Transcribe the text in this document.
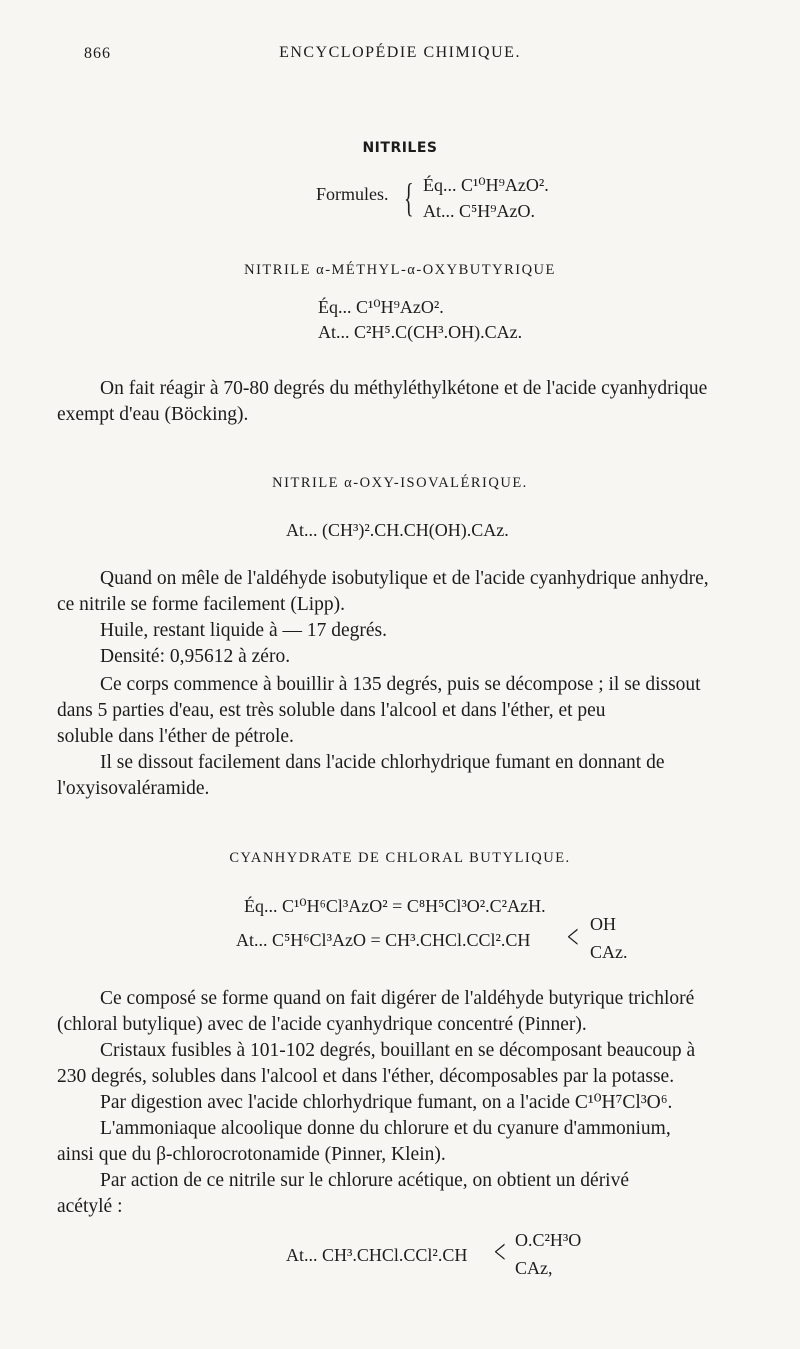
866	ENCYCLOPÉDIE CHIMIQUE.
NITRILES
Formules. { Éq... C¹⁰H⁹AzO².
At... C⁵H⁹AzO.
NITRILE α-MÉTHYL-α-OXYBUTYRIQUE
Éq... C¹⁰H⁹AzO².
At... C²H⁵.C(CH³.OH).CAz.
On fait réagir à 70-80 degrés du méthyléthylkétone et de l'acide cyanhydrique
exempt d'eau (Böcking).
NITRILE α-OXY-ISOVALÉRIQUE.
At... (CH³)².CH.CH(OH).CAz.
Quand on mêle de l'aldéhyde isobutylique et de l'acide cyanhydrique anhydre,
ce nitrile se forme facilement (Lipp).
Huile, restant liquide à — 17 degrés.
Densité: 0,95612 à zéro.
Ce corps commence à bouillir à 135 degrés, puis se décompose ; il se dissout
dans 5 parties d'eau, est très soluble dans l'alcool et dans l'éther, et peu
soluble dans l'éther de pétrole.
Il se dissout facilement dans l'acide chlorhydrique fumant en donnant de
l'oxyisovaléramide.
CYANHYDRATE DE CHLORAL BUTYLIQUE.
Éq... C¹⁰H⁶Cl³AzO² = C⁸H⁵Cl³O².C²AzH.
At... C⁵H⁶Cl³AzO = CH³.CHCl.CCl².CH < OH
CAz.
Ce composé se forme quand on fait digérer de l'aldéhyde butyrique trichloré
(chloral butylique) avec de l'acide cyanhydrique concentré (Pinner).
Cristaux fusibles à 101-102 degrés, bouillant en se décomposant beaucoup à
230 degrés, solubles dans l'alcool et dans l'éther, décomposables par la potasse.
Par digestion avec l'acide chlorhydrique fumant, on a l'acide C¹⁰H⁷Cl³O⁶.
L'ammoniaque alcoolique donne du chlorure et du cyanure d'ammonium,
ainsi que du β-chlorocrotonamide (Pinner, Klein).
Par action de ce nitrile sur le chlorure acétique, on obtient un dérivé
acétylé :
At... CH³.CHCl.CCl².CH < O.C²H³O
CAz,
